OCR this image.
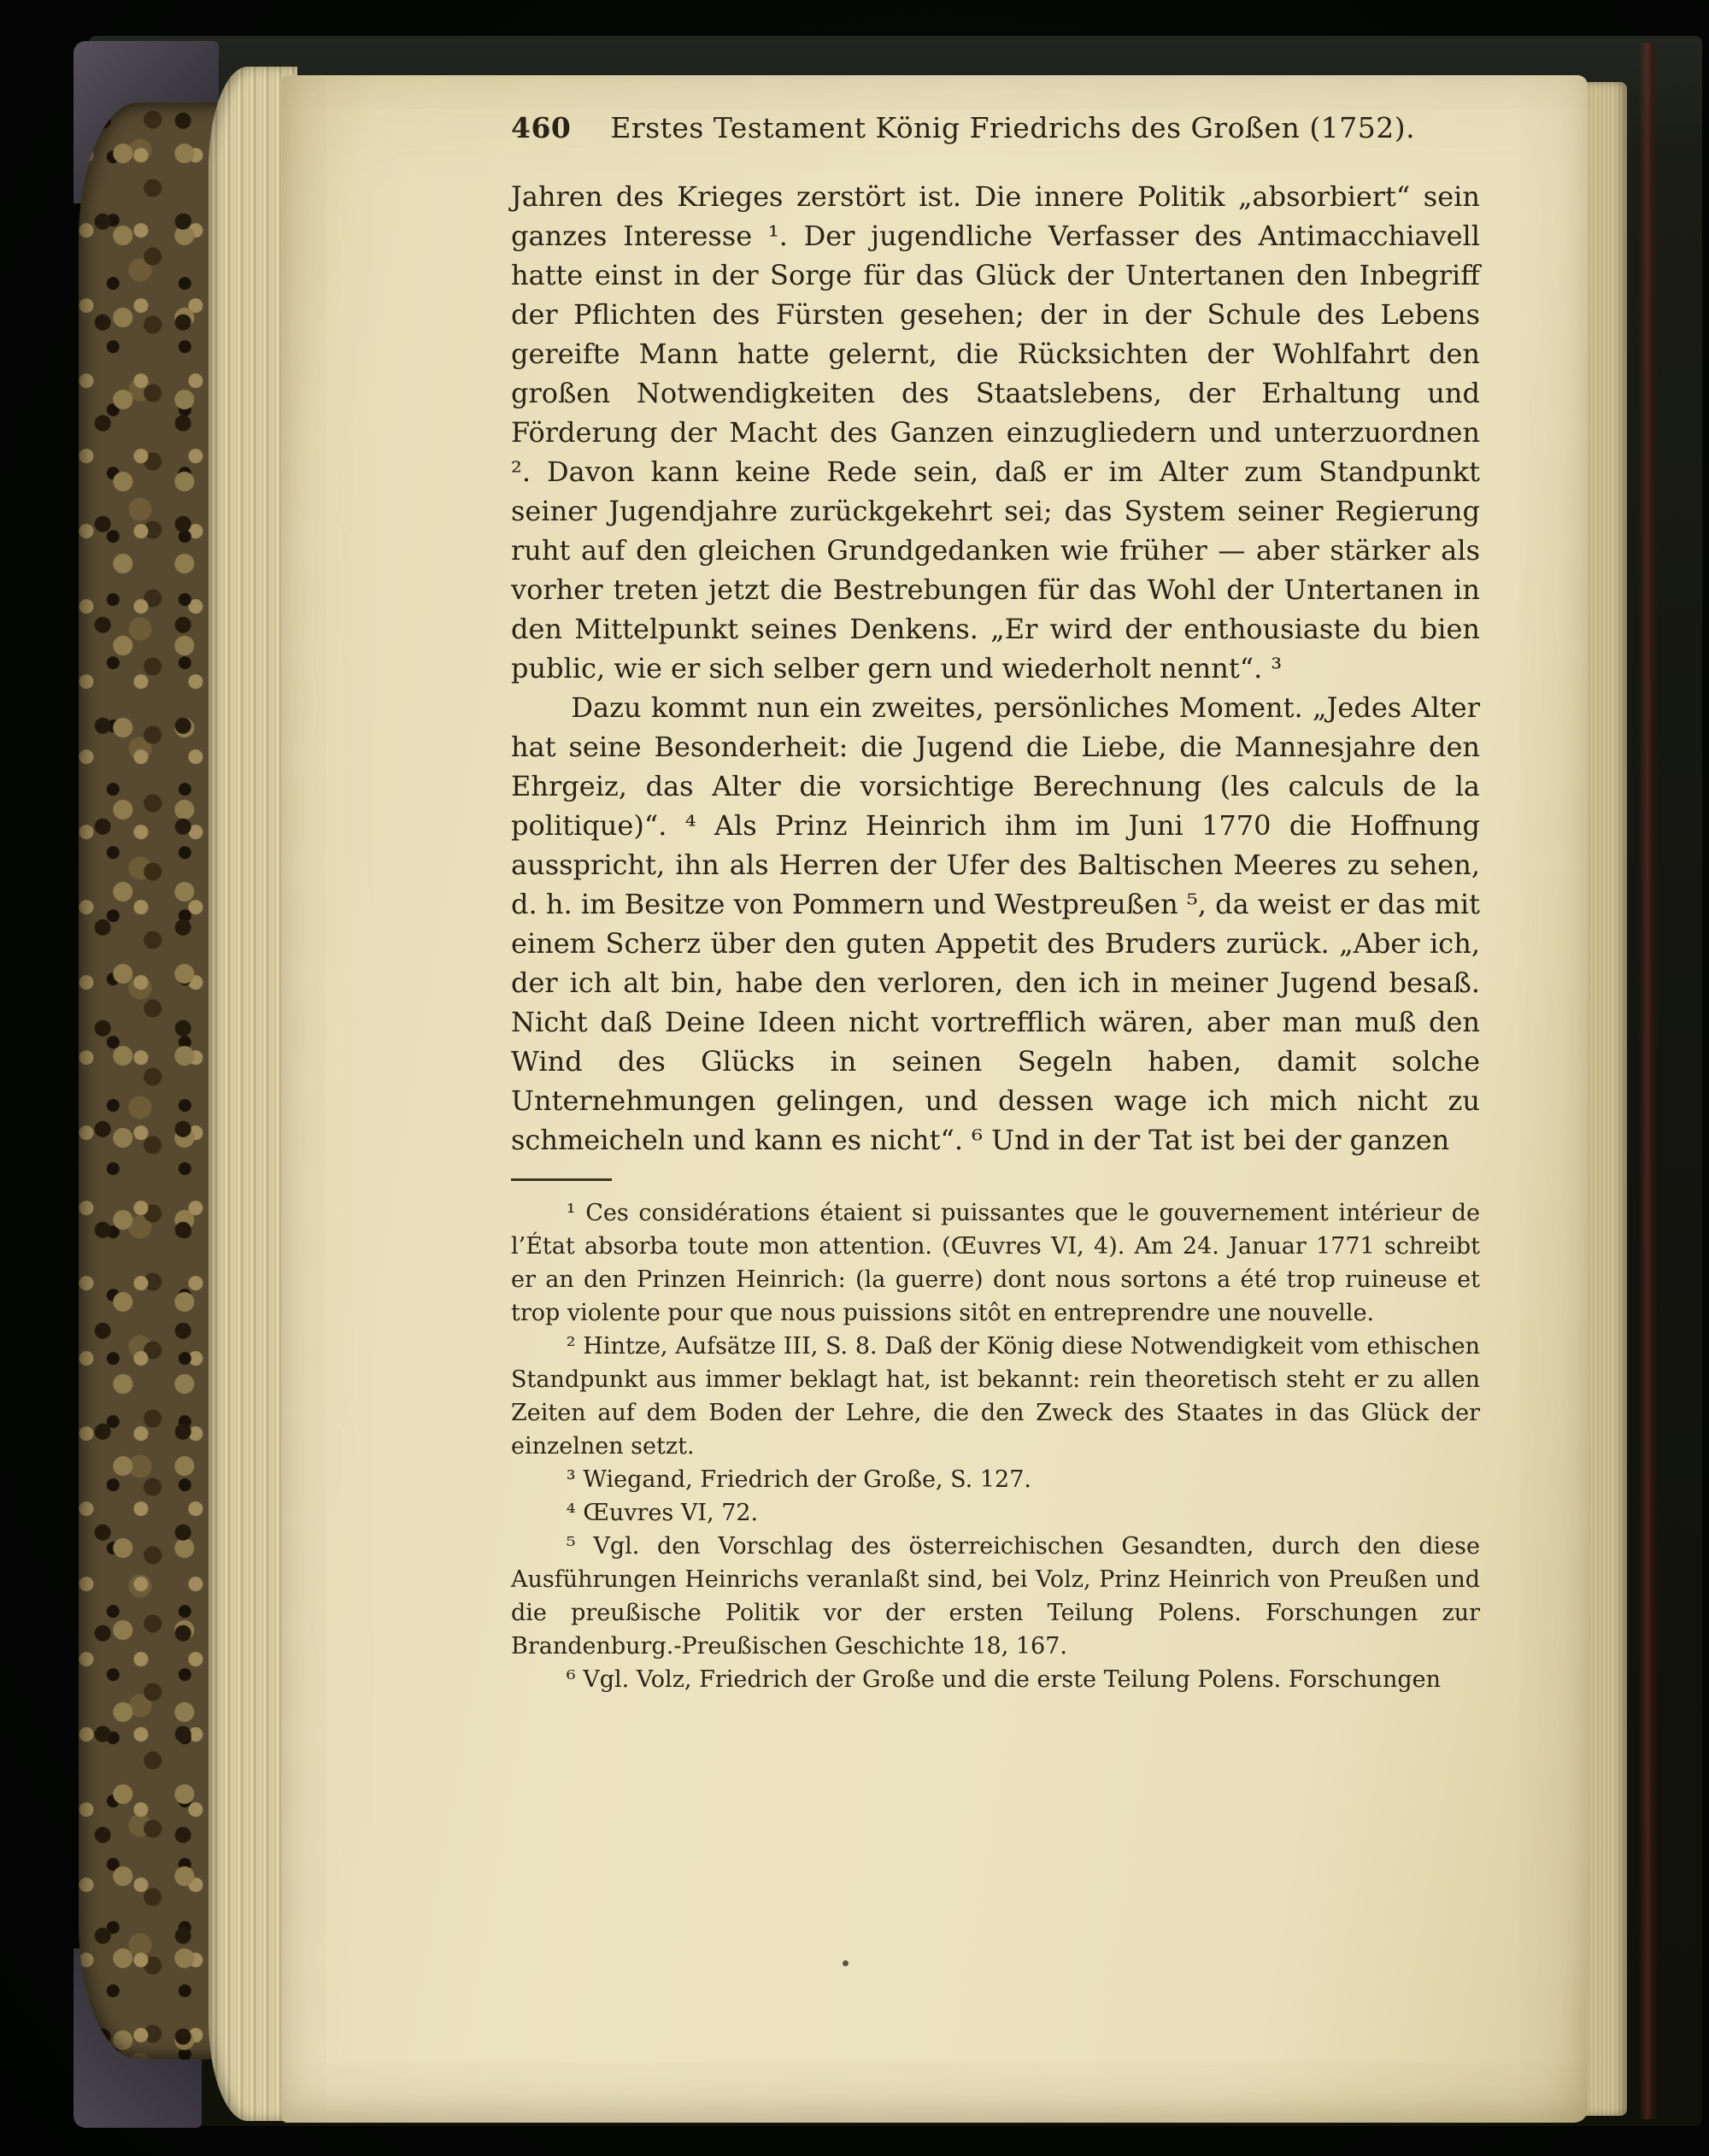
460	Erstes Testament König Friedrichs des Großen (1752).

Jahren des Krieges zerstört ist. Die innere Politik „absorbiert“ sein ganzes Interesse ¹. Der jugendliche Verfasser des Antimacchiavell hatte einst in der Sorge für das Glück der Untertanen den Inbegriff der Pflichten des Fürsten gesehen; der in der Schule des Lebens gereifte Mann hatte gelernt, die Rücksichten der Wohlfahrt den großen Notwendigkeiten des Staatslebens, der Erhaltung und Förderung der Macht des Ganzen einzugliedern und unterzuordnen ². Davon kann keine Rede sein, daß er im Alter zum Standpunkt seiner Jugendjahre zurückgekehrt sei; das System seiner Regierung ruht auf den gleichen Grundgedanken wie früher — aber stärker als vorher treten jetzt die Bestrebungen für das Wohl der Untertanen in den Mittelpunkt seines Denkens. „Er wird der enthousiaste du bien public, wie er sich selber gern und wiederholt nennt“. ³

Dazu kommt nun ein zweites, persönliches Moment. „Jedes Alter hat seine Besonderheit: die Jugend die Liebe, die Mannesjahre den Ehrgeiz, das Alter die vorsichtige Berechnung (les calculs de la politique)“. ⁴ Als Prinz Heinrich ihm im Juni 1770 die Hoffnung ausspricht, ihn als Herren der Ufer des Baltischen Meeres zu sehen, d. h. im Besitze von Pommern und Westpreußen ⁵, da weist er das mit einem Scherz über den guten Appetit des Bruders zurück. „Aber ich, der ich alt bin, habe den verloren, den ich in meiner Jugend besaß. Nicht daß Deine Ideen nicht vortrefflich wären, aber man muß den Wind des Glücks in seinen Segeln haben, damit solche Unternehmungen gelingen, und dessen wage ich mich nicht zu schmeicheln und kann es nicht“. ⁶ Und in der Tat ist bei der ganzen

¹ Ces considérations étaient si puissantes que le gouvernement intérieur de l’État absorba toute mon attention. (Œuvres VI, 4). Am 24. Januar 1771 schreibt er an den Prinzen Heinrich: (la guerre) dont nous sortons a été trop ruineuse et trop violente pour que nous puissions sitôt en entreprendre une nouvelle.

² Hintze, Aufsätze III, S. 8. Daß der König diese Notwendigkeit vom ethischen Standpunkt aus immer beklagt hat, ist bekannt: rein theoretisch steht er zu allen Zeiten auf dem Boden der Lehre, die den Zweck des Staates in das Glück der einzelnen setzt.

³ Wiegand, Friedrich der Große, S. 127.

⁴ Œuvres VI, 72.

⁵ Vgl. den Vorschlag des österreichischen Gesandten, durch den diese Ausführungen Heinrichs veranlaßt sind, bei Volz, Prinz Heinrich von Preußen und die preußische Politik vor der ersten Teilung Polens. Forschungen zur Brandenburg.-Preußischen Geschichte 18, 167.

⁶ Vgl. Volz, Friedrich der Große und die erste Teilung Polens. Forschungen
